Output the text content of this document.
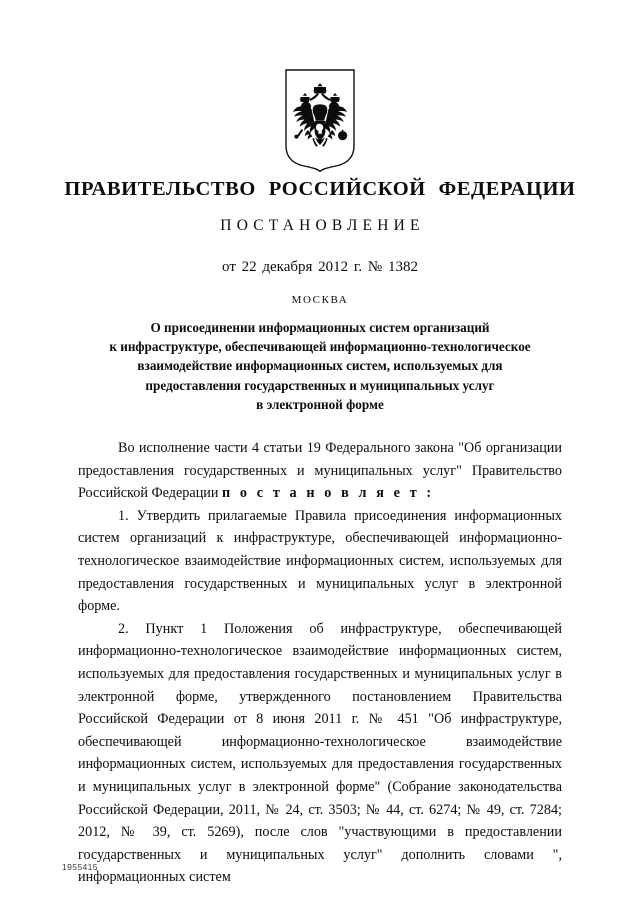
ПРАВИТЕЛЬСТВО РОССИЙСКОЙ ФЕДЕРАЦИИ
ПОСТАНОВЛЕНИЕ
от 22 декабря 2012 г. № 1382
МОСКВА
О присоединении информационных систем организаций
к инфраструктуре, обеспечивающей информационно-технологическое
взаимодействие информационных систем, используемых для
предоставления государственных и муниципальных услуг
в электронной форме

Во исполнение части 4 статьи 19 Федерального закона "Об организации предоставления государственных и муниципальных услуг" Правительство Российской Федерации п о с т а н о в л я е т :

1. Утвердить прилагаемые Правила присоединения информационных систем организаций к инфраструктуре, обеспечивающей информационно-технологическое взаимодействие информационных систем, используемых для предоставления государственных и муниципальных услуг в электронной форме.

2. Пункт 1 Положения об инфраструктуре, обеспечивающей информационно-технологическое взаимодействие информационных систем, используемых для предоставления государственных и муниципальных услуг в электронной форме, утвержденного постановлением Правительства Российской Федерации от 8 июня 2011 г. № 451 "Об инфраструктуре, обеспечивающей информационно-технологическое взаимодействие информационных систем, используемых для предоставления государственных и муниципальных услуг в электронной форме" (Собрание законодательства Российской Федерации, 2011, № 24, ст. 3503; № 44, ст. 6274; № 49, ст. 7284; 2012, № 39, ст. 5269), после слов "участвующими в предоставлении государственных и муниципальных услуг" дополнить словами ", информационных систем

1955415
